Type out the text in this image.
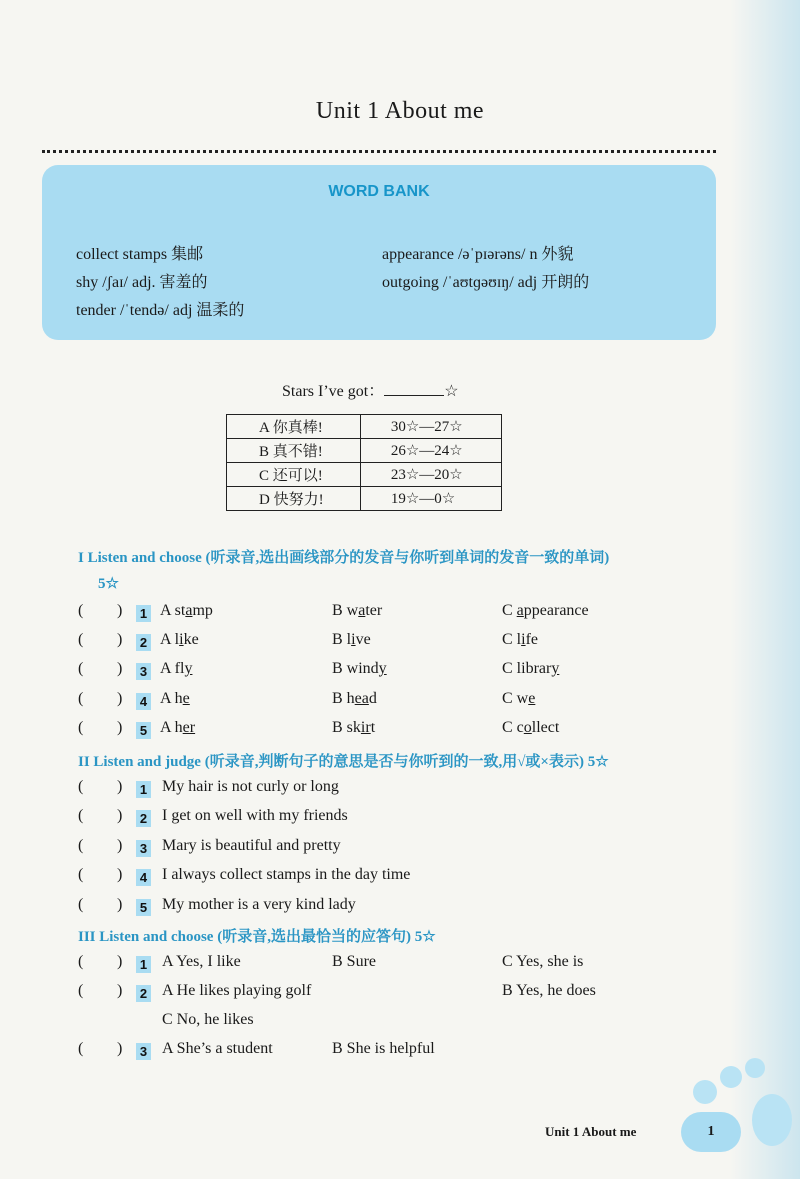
Unit 1 About me
WORD BANK
collect stamps 集邮	appearance /əˈpɪərəns/ n 外貌
shy /ʃaɪ/ adj. 害羞的	outgoing /ˈaʊtɡəʊɪŋ/ adj 开朗的
tender /ˈtendə/ adj 温柔的
Stars I’ve got：	☆
A 你真棒!	30☆—27☆
B 真不错!	26☆—24☆
C 还可以!	23☆—20☆
D 快努力!	19☆—0☆
I Listen and choose (听录音,选出画线部分的发音与你听到单词的发音一致的单词)
5☆
( ) 1 A stamp	B water	C appearance
( ) 2 A like	B live	C life
( ) 3 A fly	B windy	C library
( ) 4 A he	B head	C we
( ) 5 A her	B skirt	C collect
II Listen and judge (听录音,判断句子的意思是否与你听到的一致,用√或×表示) 5☆
( ) 1 My hair is not curly or long
( ) 2 I get on well with my friends
( ) 3 Mary is beautiful and pretty
( ) 4 I always collect stamps in the day time
( ) 5 My mother is a very kind lady
III Listen and choose (听录音,选出最恰当的应答句) 5☆
( ) 1 A Yes, I like	B Sure	C Yes, she is
( ) 2 A He likes playing golf	B Yes, he does
C No, he likes
( ) 3 A She’s a student	B She is helpful
Unit 1 About me	1
